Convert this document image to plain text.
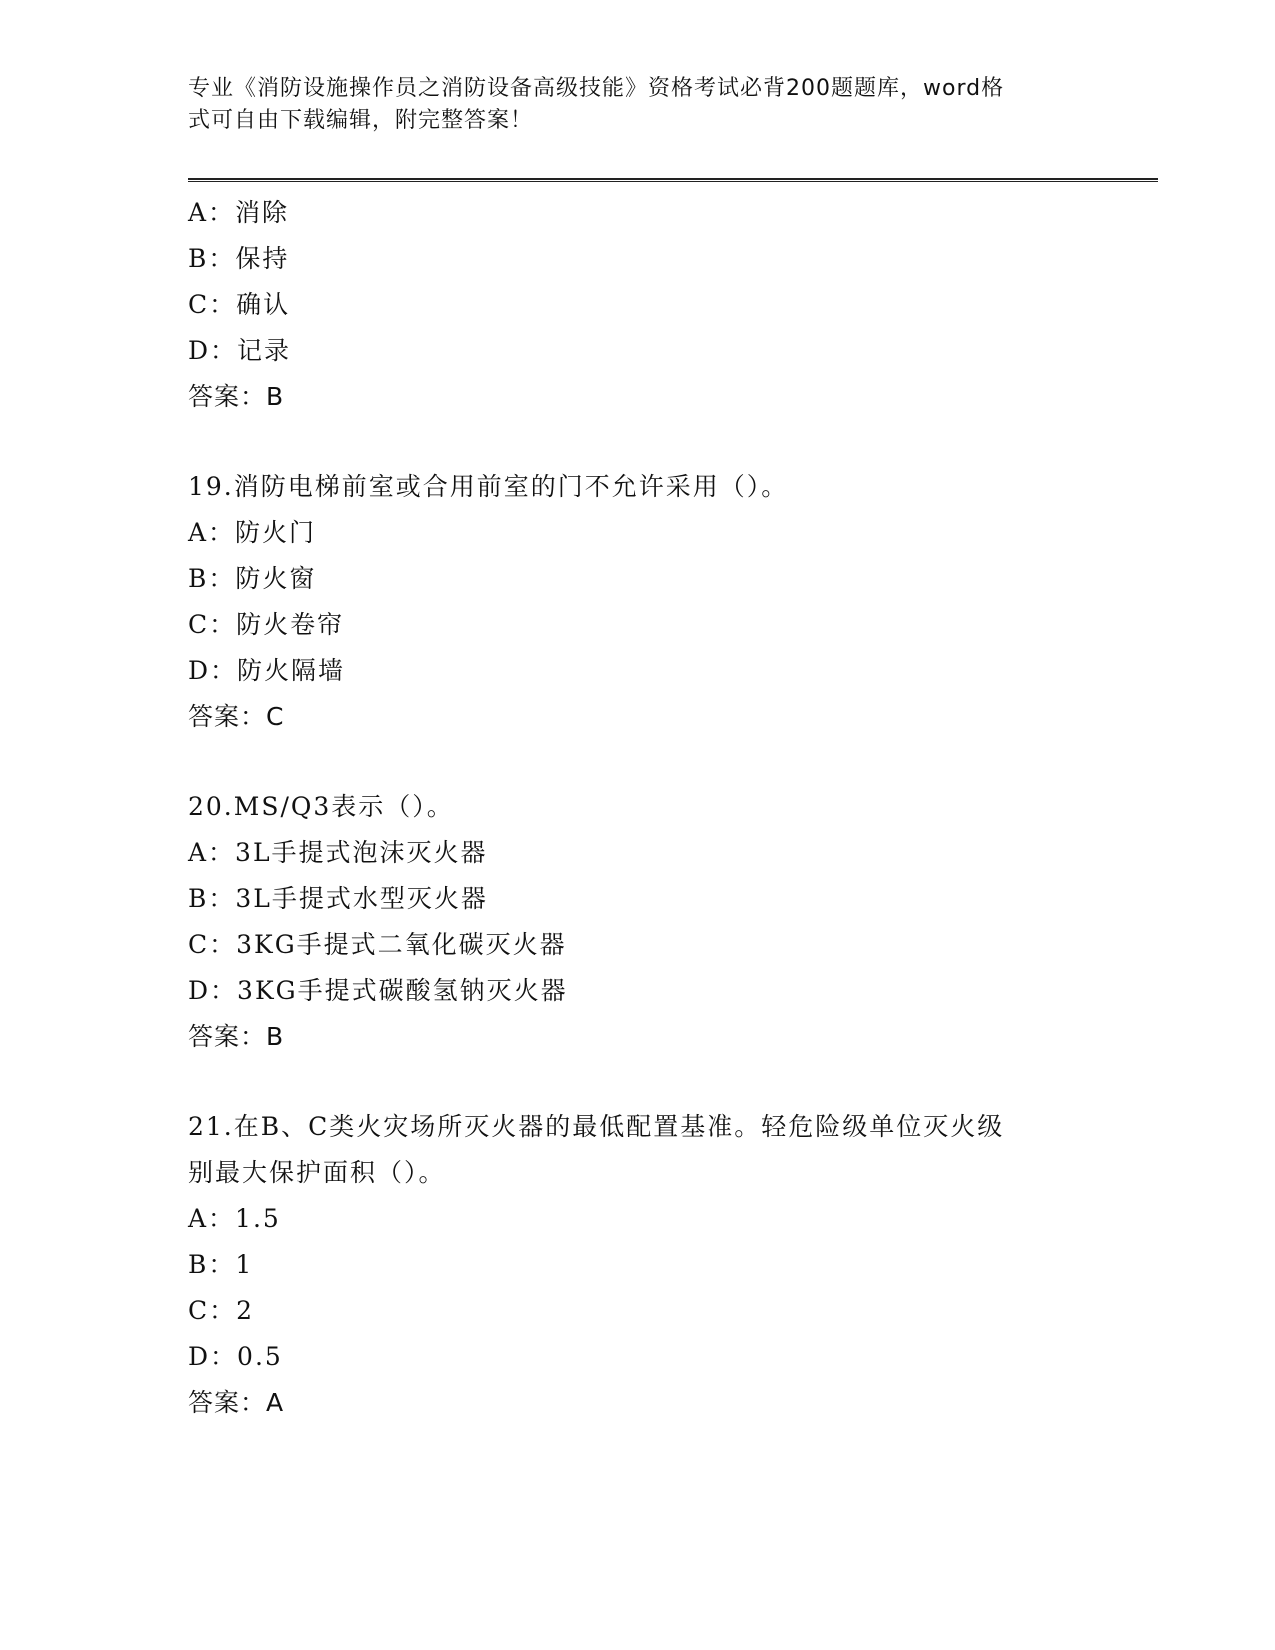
专业《消防设施操作员之消防设备高级技能》资格考试必背200题题库，word格
式可自由下载编辑，附完整答案！
A：消除
B：保持
C：确认
D：记录
答案：B
19.消防电梯前室或合用前室的门不允许采用（）。
A：防火门
B：防火窗
C：防火卷帘
D：防火隔墙
答案：C
20.MS/Q3表示（）。
A：3L手提式泡沫灭火器
B：3L手提式水型灭火器
C：3KG手提式二氧化碳灭火器
D：3KG手提式碳酸氢钠灭火器
答案：B
21.在B、C类火灾场所灭火器的最低配置基准。轻危险级单位灭火级
别最大保护面积（）。
A：1.5
B：1
C：2
D：0.5
答案：A
